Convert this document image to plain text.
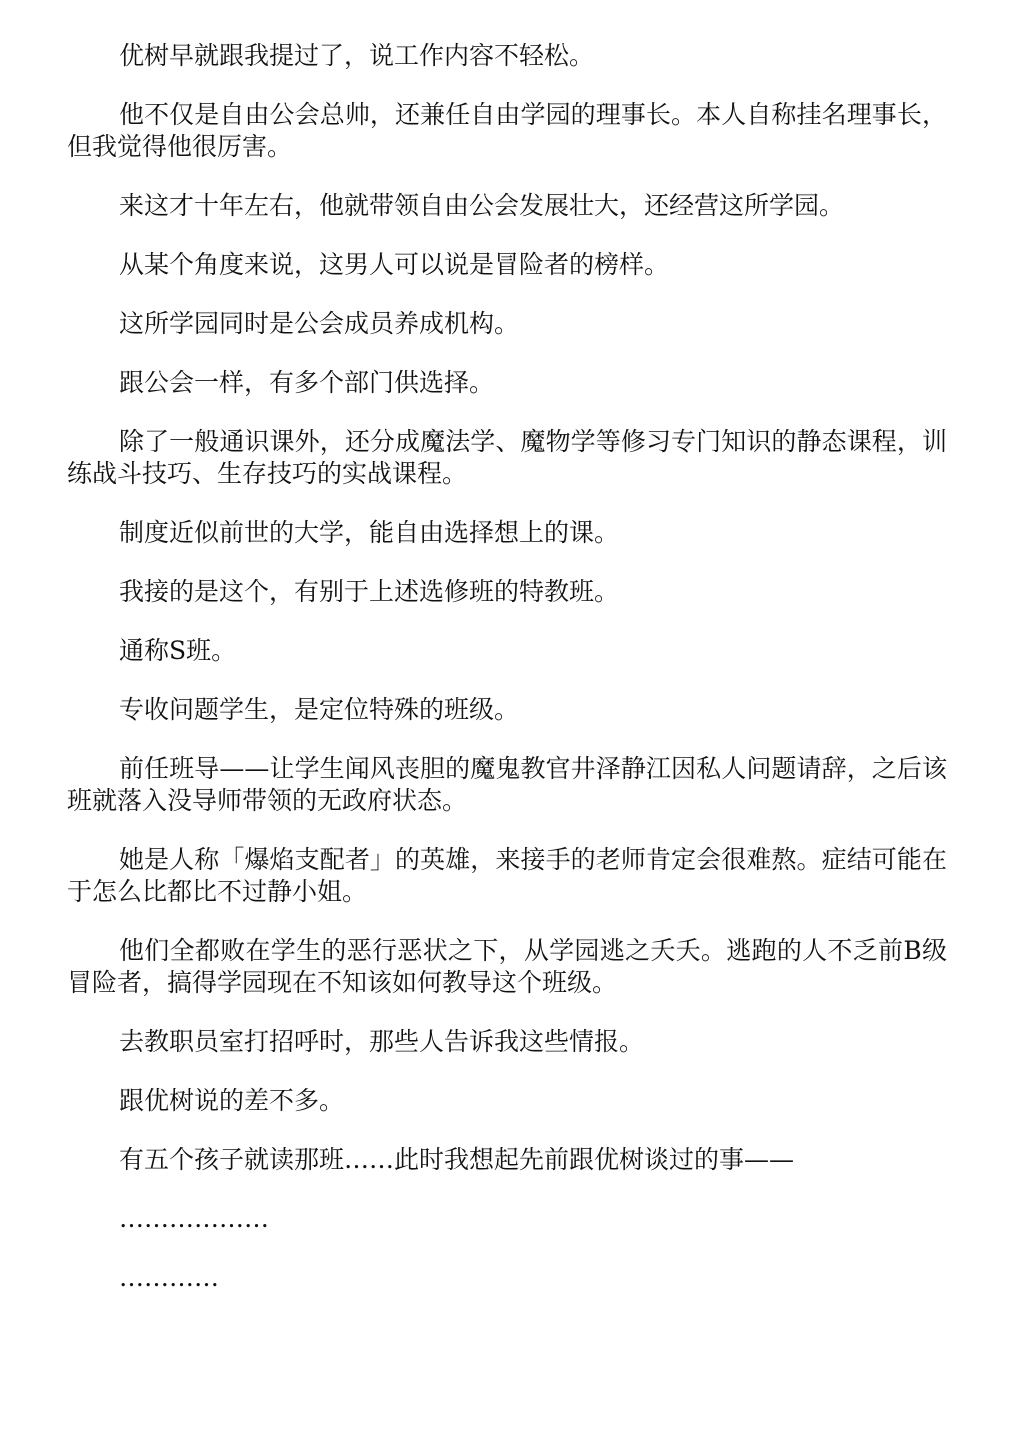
优树早就跟我提过了，说工作内容不轻松。

他不仅是自由公会总帅，还兼任自由学园的理事长。本人自称挂名理事长，但我觉得他很厉害。

来这才十年左右，他就带领自由公会发展壮大，还经营这所学园。

从某个角度来说，这男人可以说是冒险者的榜样。

这所学园同时是公会成员养成机构。

跟公会一样，有多个部门供选择。

除了一般通识课外，还分成魔法学、魔物学等修习专门知识的静态课程，训练战斗技巧、生存技巧的实战课程。

制度近似前世的大学，能自由选择想上的课。

我接的是这个，有别于上述选修班的特教班。

通称S班。

专收问题学生，是定位特殊的班级。

前任班导——让学生闻风丧胆的魔鬼教官井泽静江因私人问题请辞，之后该班就落入没导师带领的无政府状态。

她是人称「爆焰支配者」的英雄，来接手的老师肯定会很难熬。症结可能在于怎么比都比不过静小姐。

他们全都败在学生的恶行恶状之下，从学园逃之夭夭。逃跑的人不乏前B级冒险者，搞得学园现在不知该如何教导这个班级。

去教职员室打招呼时，那些人告诉我这些情报。

跟优树说的差不多。

有五个孩子就读那班……此时我想起先前跟优树谈过的事——

………………

…………
